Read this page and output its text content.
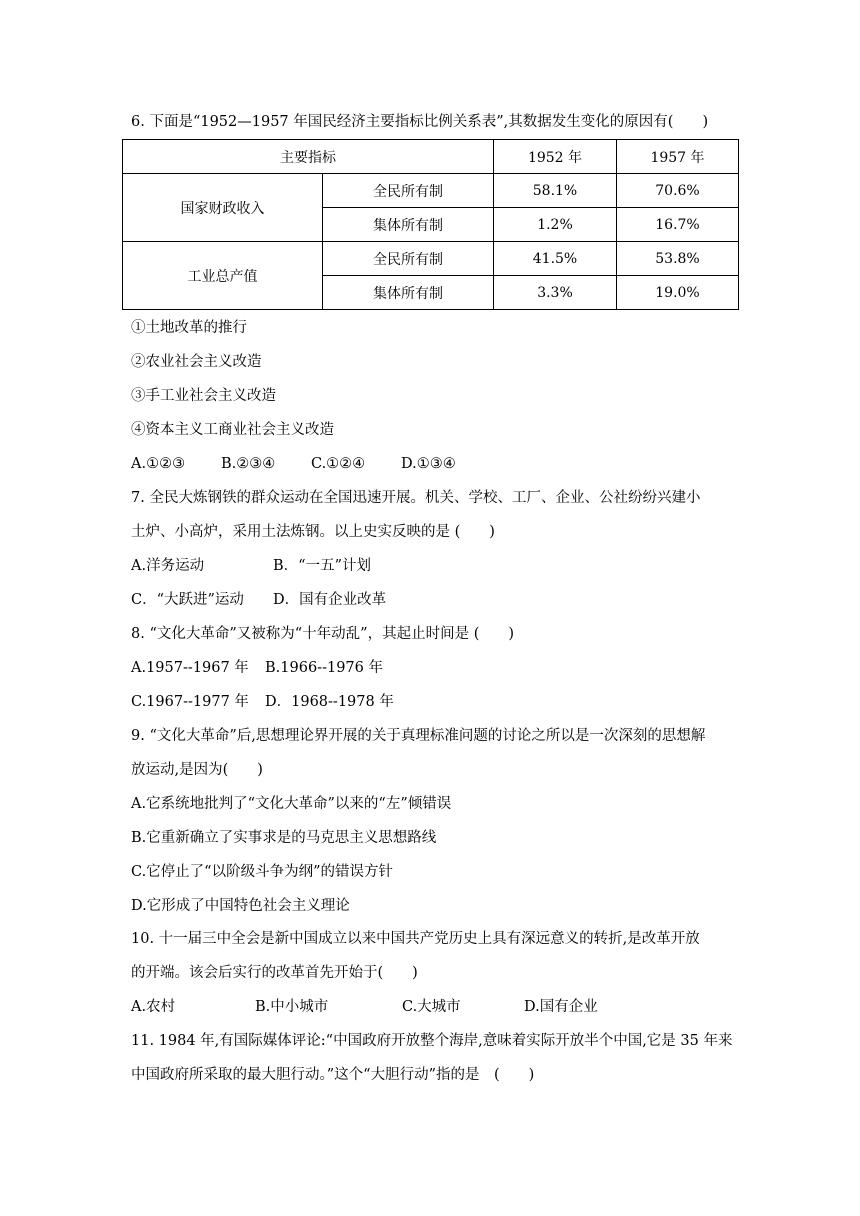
6. 下面是“1952—1957 年国民经济主要指标比例关系表”,其数据发生变化的原因有(　　)
主要指标		1952 年	1957 年
国家财政收入	全民所有制	58.1%	70.6%
	集体所有制	1.2%	16.7%
工业总产值	全民所有制	41.5%	53.8%
	集体所有制	3.3%	19.0%
①土地改革的推行
②农业社会主义改造
③手工业社会主义改造
④资本主义工商业社会主义改造
A.①②③ B.②③④ C.①②④ D.①③④
7. 全民大炼钢铁的群众运动在全国迅速开展。机关、学校、工厂、企业、公社纷纷兴建小
土炉、小高炉，采用土法炼钢。以上史实反映的是 (　　)
A.洋务运动	B．“一五”计划
C．“大跃进”运动 D．国有企业改革
8. “文化大革命”又被称为“十年动乱”，其起止时间是 (　　)
A.1957--1967 年 B.1966--1976 年
C.1967--1977 年 D．1968--1978 年
9. “文化大革命”后,思想理论界开展的关于真理标准问题的讨论之所以是一次深刻的思想解
放运动,是因为(　　)
A.它系统地批判了“文化大革命”以来的“左”倾错误
B.它重新确立了实事求是的马克思主义思想路线
C.它停止了“以阶级斗争为纲”的错误方针
D.它形成了中国特色社会主义理论
10. 十一届三中全会是新中国成立以来中国共产党历史上具有深远意义的转折,是改革开放
的开端。该会后实行的改革首先开始于(　　)
A.农村	B.中小城市	C.大城市	D.国有企业
11. 1984 年,有国际媒体评论:“中国政府开放整个海岸,意味着实际开放半个中国,它是 35 年来
中国政府所采取的最大胆行动。”这个“大胆行动”指的是　(　　)
